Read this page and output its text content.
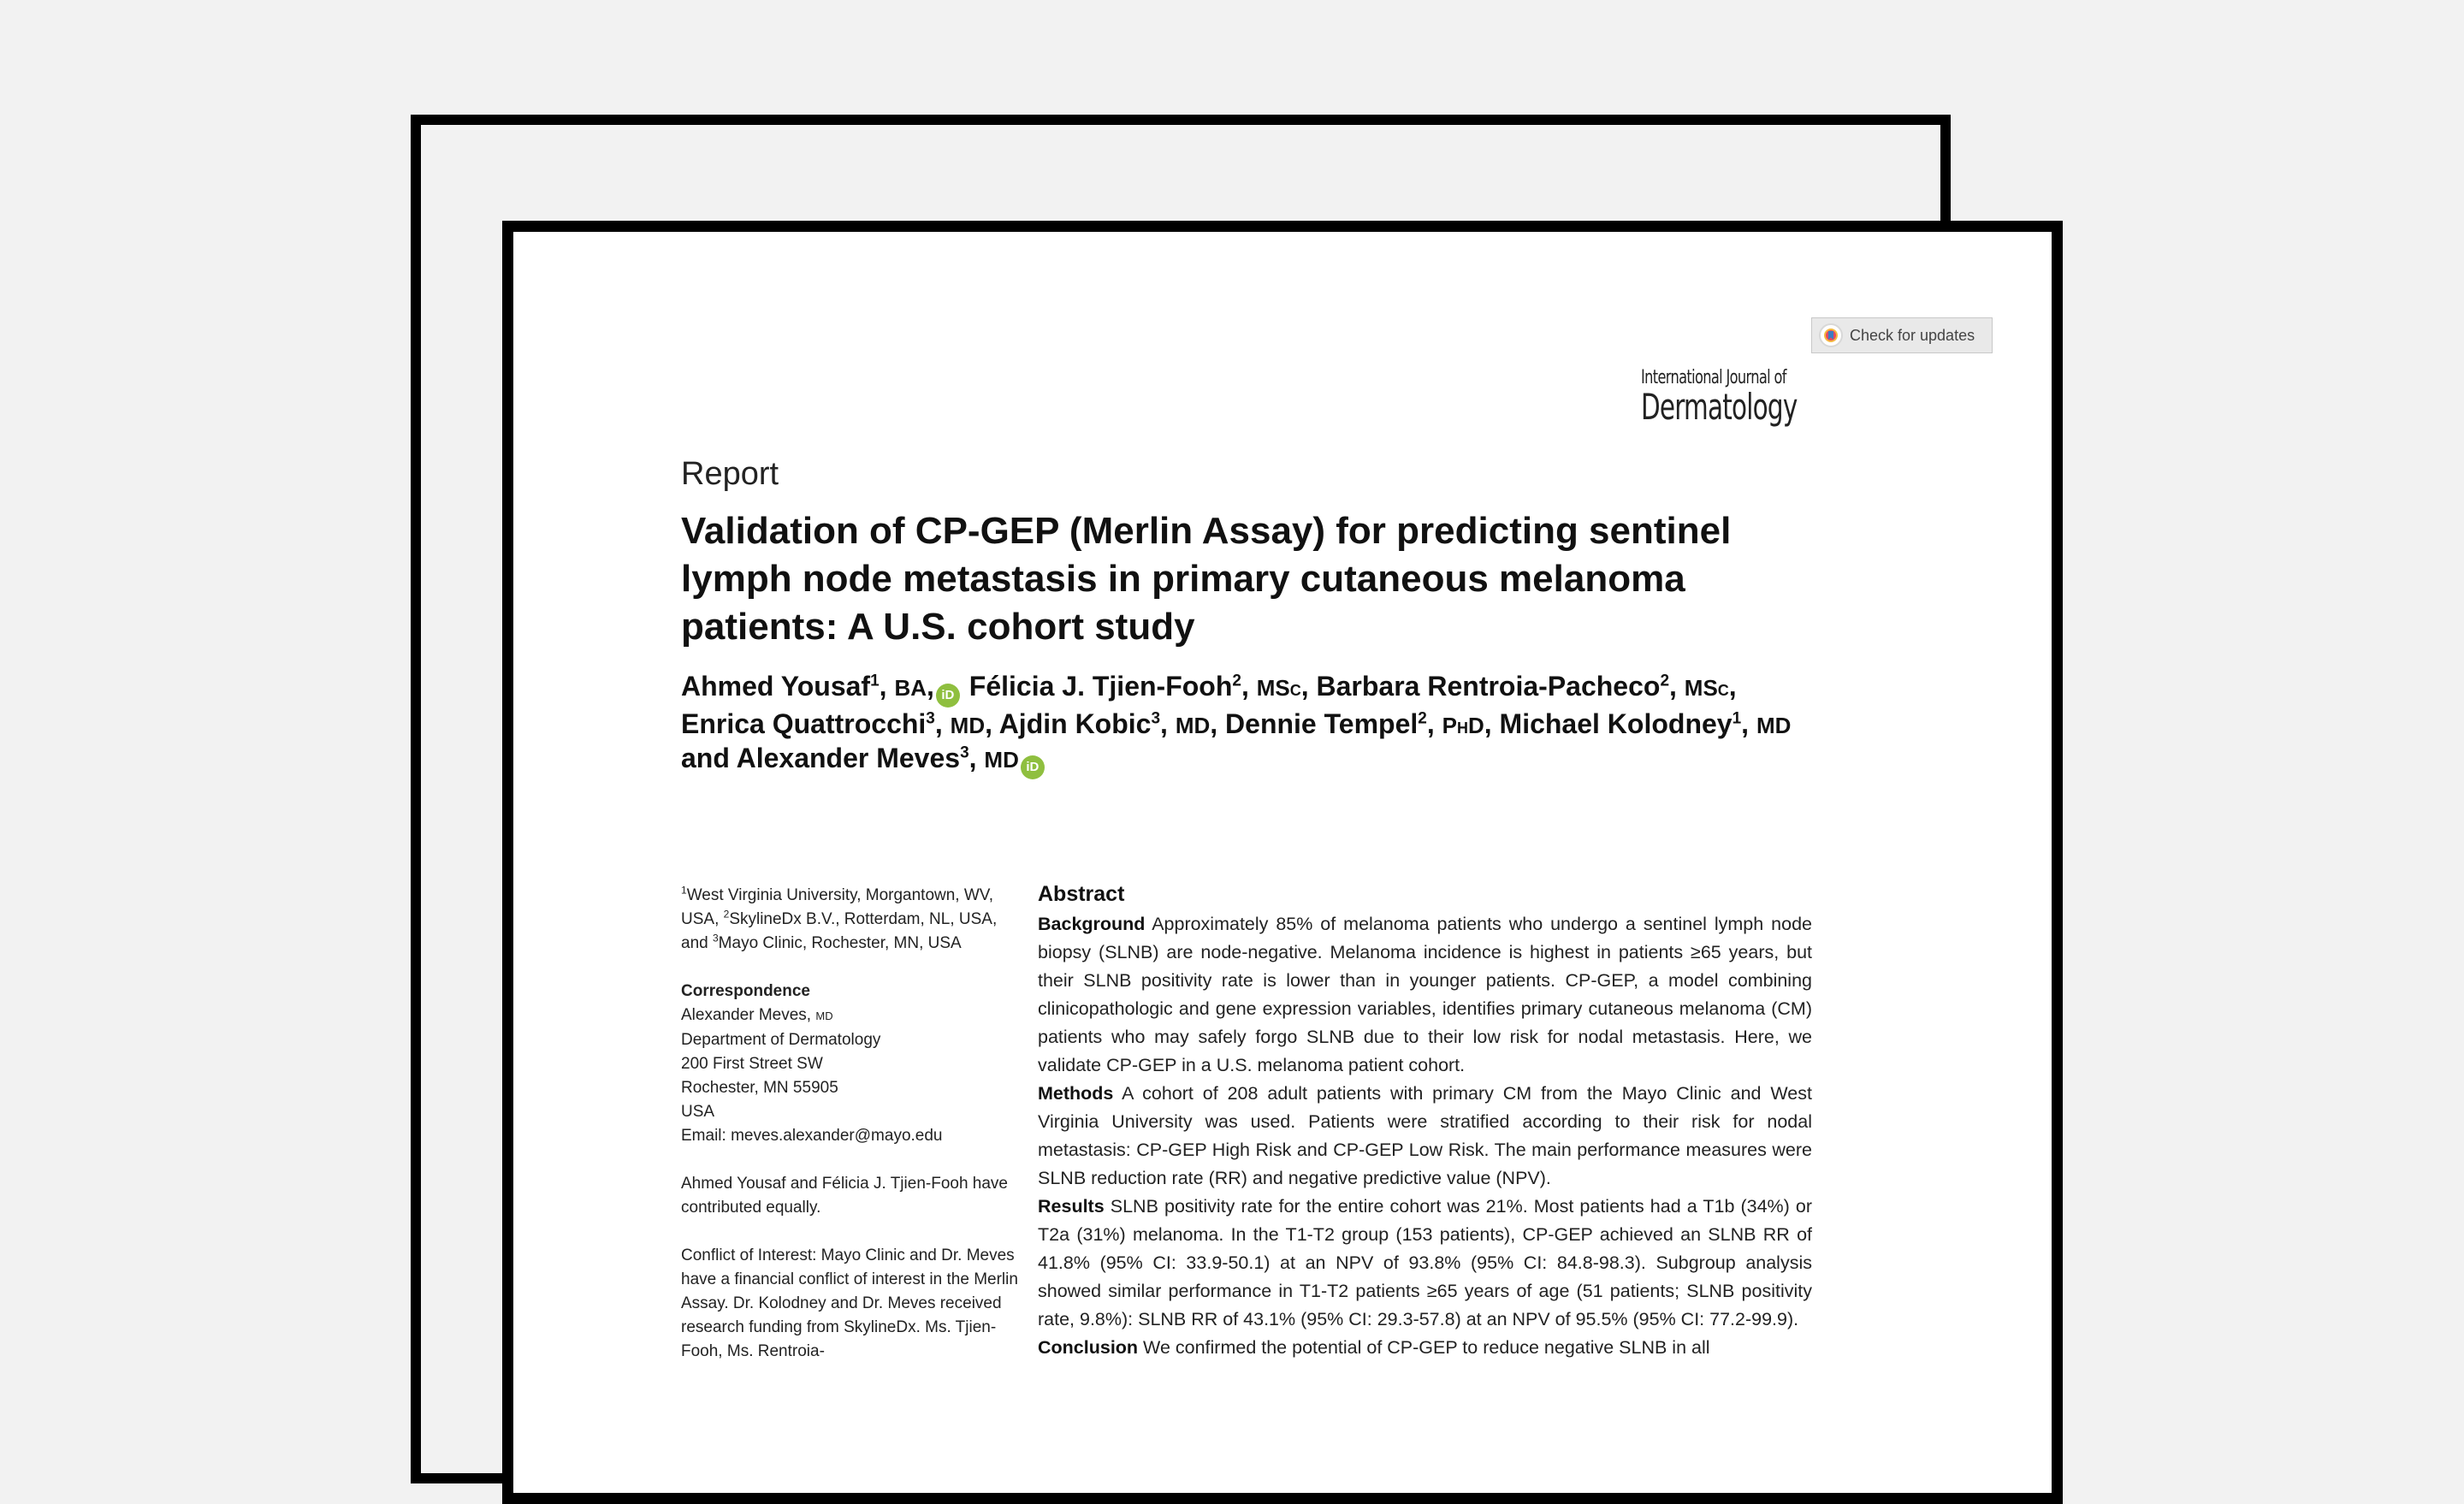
Check for updates
International Journal of
Dermatology
Report
Validation of CP-GEP (Merlin Assay) for predicting sentinel lymph node metastasis in primary cutaneous melanoma patients: A U.S. cohort study
Ahmed Yousaf$^1$, BA, iD Félicia J. Tjien-Fooh$^2$, MSc, Barbara Rentroia-Pacheco$^2$, MSc, Enrica Quattrocchi$^3$, MD, Ajdin Kobic$^3$, MD, Dennie Tempel$^2$, PhD, Michael Kolodney$^1$, MD and Alexander Meves$^3$, MD iD

$^1$West Virginia University, Morgantown, WV, USA, $^2$SkylineDx B.V., Rotterdam, NL, USA, and $^3$Mayo Clinic, Rochester, MN, USA

Correspondence
Alexander Meves, MD
Department of Dermatology
200 First Street SW
Rochester, MN 55905
USA
Email: meves.alexander@mayo.edu

Ahmed Yousaf and Félicia J. Tjien-Fooh have contributed equally.

Conflict of Interest: Mayo Clinic and Dr. Meves have a financial conflict of interest in the Merlin Assay. Dr. Kolodney and Dr. Meves received research funding from SkylineDx. Ms. Tjien-Fooh, Ms. Rentroia-

Abstract

Background Approximately 85% of melanoma patients who undergo a sentinel lymph node biopsy (SLNB) are node-negative. Melanoma incidence is highest in patients ≥65 years, but their SLNB positivity rate is lower than in younger patients. CP-GEP, a model combining clinicopathologic and gene expression variables, identifies primary cutaneous melanoma (CM) patients who may safely forgo SLNB due to their low risk for nodal metastasis. Here, we validate CP-GEP in a U.S. melanoma patient cohort.

Methods A cohort of 208 adult patients with primary CM from the Mayo Clinic and West Virginia University was used. Patients were stratified according to their risk for nodal metastasis: CP-GEP High Risk and CP-GEP Low Risk. The main performance measures were SLNB reduction rate (RR) and negative predictive value (NPV).

Results SLNB positivity rate for the entire cohort was 21%. Most patients had a T1b (34%) or T2a (31%) melanoma. In the T1-T2 group (153 patients), CP-GEP achieved an SLNB RR of 41.8% (95% CI: 33.9-50.1) at an NPV of 93.8% (95% CI: 84.8-98.3). Subgroup analysis showed similar performance in T1-T2 patients ≥65 years of age (51 patients; SLNB positivity rate, 9.8%): SLNB RR of 43.1% (95% CI: 29.3-57.8) at an NPV of 95.5% (95% CI: 77.2-99.9).

Conclusion We confirmed the potential of CP-GEP to reduce negative SLNB in all
